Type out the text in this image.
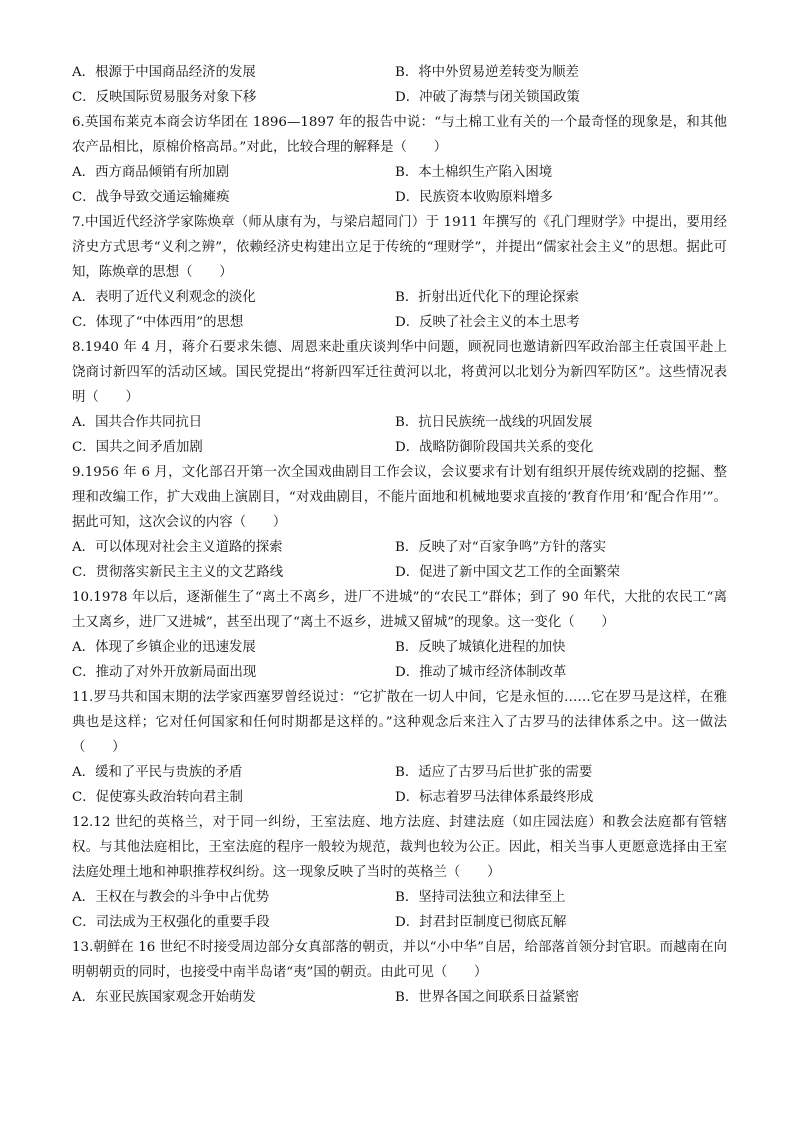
A．根源于中国商品经济的发展	B．将中外贸易逆差转变为顺差
C．反映国际贸易服务对象下移	D．冲破了海禁与闭关锁国政策

6.英国布莱克本商会访华团在 1896—1897 年的报告中说：“与土棉工业有关的一个最奇怪的现象是，和其他农产品相比，原棉价格高昂。”对此，比较合理的解释是（　　）

A．西方商品倾销有所加剧	B．本土棉织生产陷入困境
C．战争导致交通运输瘫痪	D．民族资本收购原料增多

7.中国近代经济学家陈焕章（师从康有为，与梁启超同门）于 1911 年撰写的《孔门理财学》中提出，要用经济史方式思考“义利之辨”，依赖经济史构建出立足于传统的“理财学”，并提出“儒家社会主义”的思想。据此可知，陈焕章的思想（　　）

A．表明了近代义利观念的淡化	B．折射出近代化下的理论探索
C．体现了“中体西用”的思想	D．反映了社会主义的本土思考

8.1940 年 4 月，蒋介石要求朱德、周恩来赴重庆谈判华中问题，顾祝同也邀请新四军政治部主任袁国平赴上饶商讨新四军的活动区域。国民党提出“将新四军迁往黄河以北，将黄河以北划分为新四军防区”。这些情况表明（　　）

A．国共合作共同抗日	B．抗日民族统一战线的巩固发展
C．国共之间矛盾加剧	D．战略防御阶段国共关系的变化

9.1956 年 6 月，文化部召开第一次全国戏曲剧目工作会议，会议要求有计划有组织开展传统戏剧的挖掘、整理和改编工作，扩大戏曲上演剧目，“对戏曲剧目，不能片面地和机械地要求直接的‘教育作用’和‘配合作用’”。据此可知，这次会议的内容（　　）

A．可以体现对社会主义道路的探索	B．反映了对“百家争鸣”方针的落实
C．贯彻落实新民主主义的文艺路线	D．促进了新中国文艺工作的全面繁荣

10.1978 年以后，逐渐催生了“离土不离乡，进厂不进城”的“农民工”群体；到了 90 年代，大批的农民工“离土又离乡，进厂又进城”，甚至出现了“离土不返乡，进城又留城”的现象。这一变化（　　）

A．体现了乡镇企业的迅速发展	B．反映了城镇化进程的加快
C．推动了对外开放新局面出现	D．推动了城市经济体制改革

11.罗马共和国末期的法学家西塞罗曾经说过：“它扩散在一切人中间，它是永恒的……它在罗马是这样，在雅典也是这样；它对任何国家和任何时期都是这样的。”这种观念后来注入了古罗马的法律体系之中。这一做法（　　）

A．缓和了平民与贵族的矛盾	B．适应了古罗马后世扩张的需要
C．促使寡头政治转向君主制	D．标志着罗马法律体系最终形成

12.12 世纪的英格兰，对于同一纠纷，王室法庭、地方法庭、封建法庭（如庄园法庭）和教会法庭都有管辖权。与其他法庭相比，王室法庭的程序一般较为规范，裁判也较为公正。因此，相关当事人更愿意选择由王室法庭处理土地和神职推荐权纠纷。这一现象反映了当时的英格兰（　　）

A．王权在与教会的斗争中占优势	B．坚持司法独立和法律至上
C．司法成为王权强化的重要手段	D．封君封臣制度已彻底瓦解

13.朝鲜在 16 世纪不时接受周边部分女真部落的朝贡，并以“小中华”自居，给部落首领分封官职。而越南在向明朝朝贡的同时，也接受中南半岛诸“夷”国的朝贡。由此可见（　　）

A．东亚民族国家观念开始萌发	B．世界各国之间联系日益紧密
